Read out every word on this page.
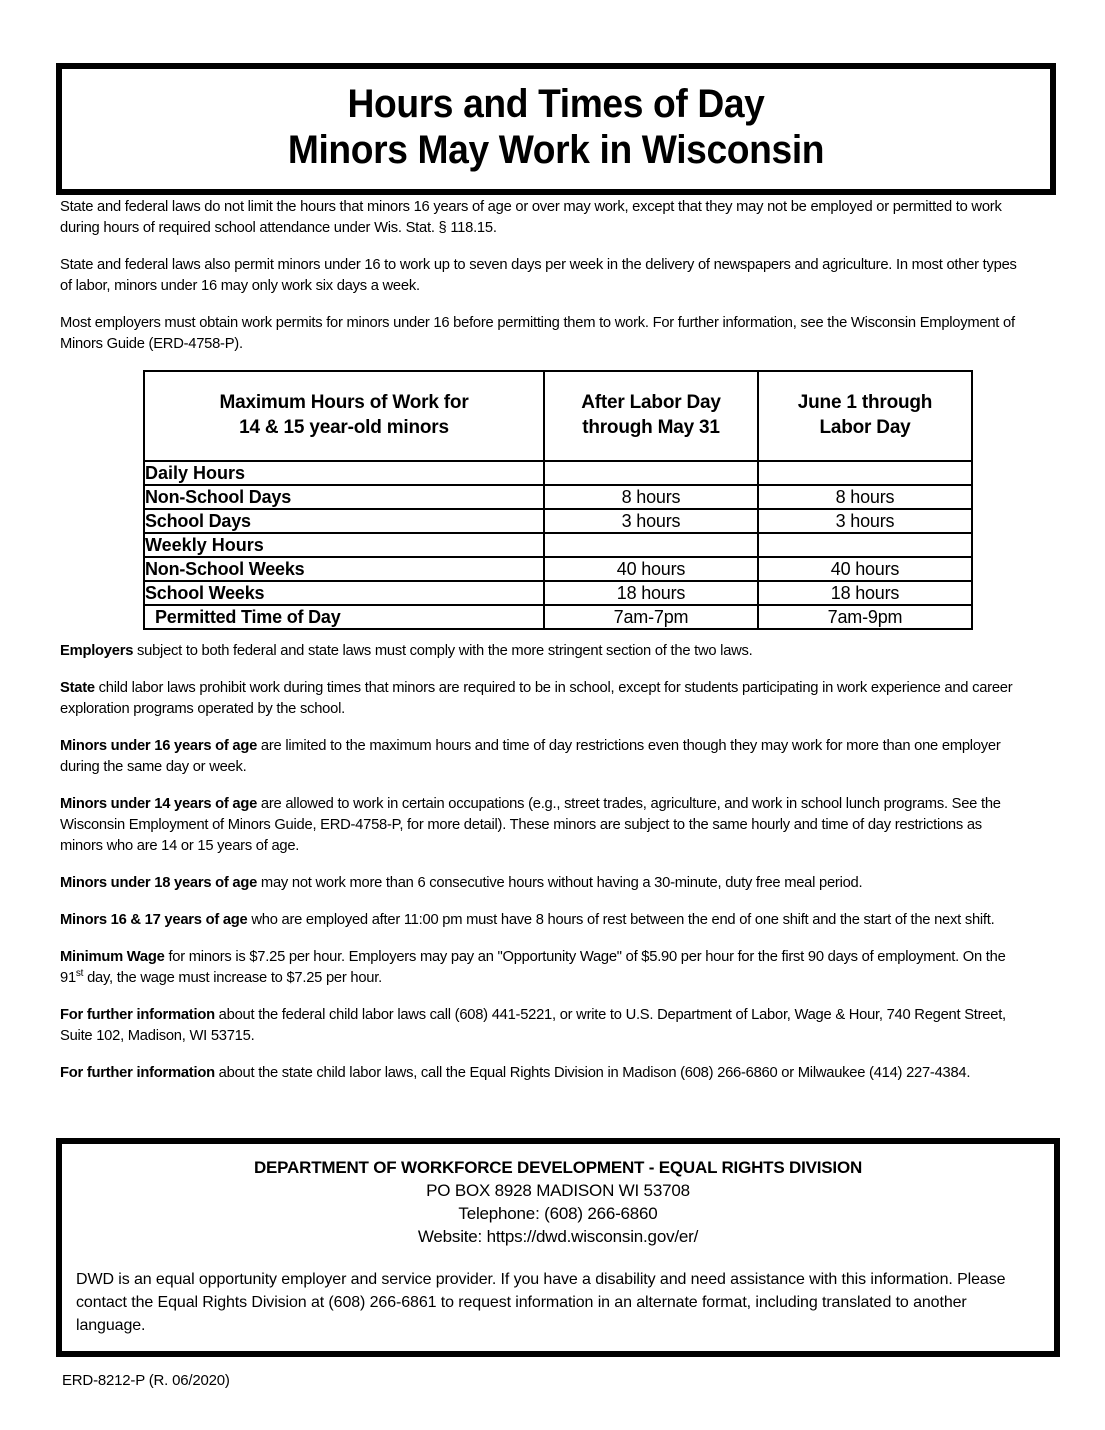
Hours and Times of Day
Minors May Work in Wisconsin

State and federal laws do not limit the hours that minors 16 years of age or over may work, except that they may not be employed or permitted to work during hours of required school attendance under Wis. Stat. § 118.15.

State and federal laws also permit minors under 16 to work up to seven days per week in the delivery of newspapers and agriculture. In most other types of labor, minors under 16 may only work six days a week.

Most employers must obtain work permits for minors under 16 before permitting them to work. For further information, see the Wisconsin Employment of Minors Guide (ERD-4758-P).

Maximum Hours of Work for
14 & 15 year-old minors

After Labor Day
through May 31

June 1 through
Labor Day

Daily Hours		
Non-School Days	8 hours	8 hours
School Days	3 hours	3 hours
Weekly Hours		
Non-School Weeks	40 hours	40 hours
School Weeks	18 hours	18 hours
Permitted Time of Day	7am-7pm	7am-9pm

Employers subject to both federal and state laws must comply with the more stringent section of the two laws.

State child labor laws prohibit work during times that minors are required to be in school, except for students participating in work experience and career exploration programs operated by the school.

Minors under 16 years of age are limited to the maximum hours and time of day restrictions even though they may work for more than one employer during the same day or week.

Minors under 14 years of age are allowed to work in certain occupations (e.g., street trades, agriculture, and work in school lunch programs. See the Wisconsin Employment of Minors Guide, ERD-4758-P, for more detail). These minors are subject to the same hourly and time of day restrictions as minors who are 14 or 15 years of age.

Minors under 18 years of age may not work more than 6 consecutive hours without having a 30-minute, duty free meal period.

Minors 16 & 17 years of age who are employed after 11:00 pm must have 8 hours of rest between the end of one shift and the start of the next shift.

Minimum Wage for minors is $7.25 per hour. Employers may pay an "Opportunity Wage" of $5.90 per hour for the first 90 days of employment. On the 91st day, the wage must increase to $7.25 per hour.

For further information about the federal child labor laws call (608) 441-5221, or write to U.S. Department of Labor, Wage & Hour, 740 Regent Street, Suite 102, Madison, WI 53715.

For further information about the state child labor laws, call the Equal Rights Division in Madison (608) 266-6860 or Milwaukee (414) 227-4384.

DEPARTMENT OF WORKFORCE DEVELOPMENT - EQUAL RIGHTS DIVISION
PO BOX 8928 MADISON WI 53708
Telephone: (608) 266-6860
Website: https://dwd.wisconsin.gov/er/
DWD is an equal opportunity employer and service provider. If you have a disability and need assistance with this information. Please contact the Equal Rights Division at (608) 266-6861 to request information in an alternate format, including translated to another language.
ERD-8212-P (R. 06/2020)
